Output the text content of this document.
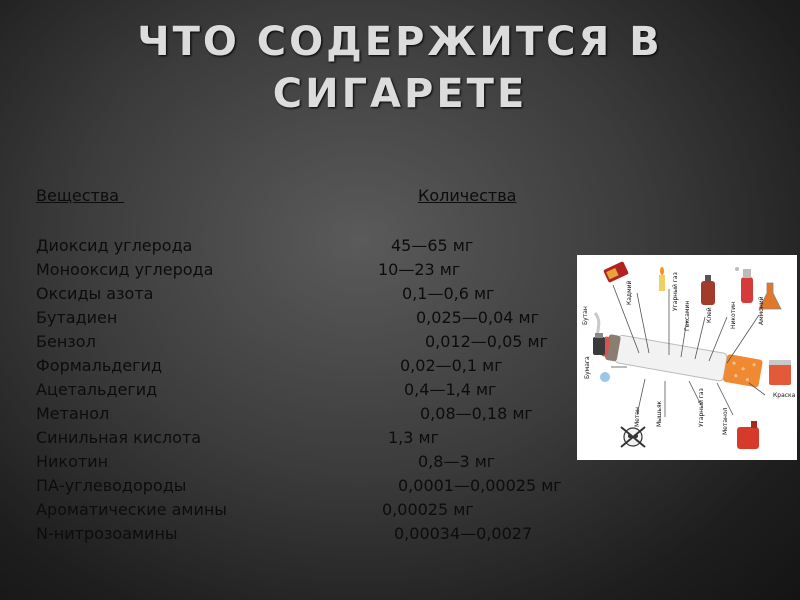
ЧТО СОДЕРЖИТСЯ В
СИГАРЕТЕ
Вещества	Количества
Диоксид углерода	45—65 мг
Монооксид углерода	10—23 мг
Оксиды азота	0,1—0,6 мг
Бутадиен	0,025—0,04 мг
Бензол	0,012—0,05 мг
Формальдегид	0,02—0,1 мг
Ацетальдегид	0,4—1,4 мг
Метанол	0,08—0,18 мг
Синильная кислота	1,3 мг
Никотин	0,8—3 мг
ПА-углеводороды	0,0001—0,00025 мг
Ароматические амины	0,00025 мг
N-нитрозоамины	0,00034—0,0027
Бутан
Кадмий	Угарный газ
Гексамин	Клей	Никотин	Аммоний
Бумага
Метан	Мышьяк	Угарный газ	Метанол
Краска
